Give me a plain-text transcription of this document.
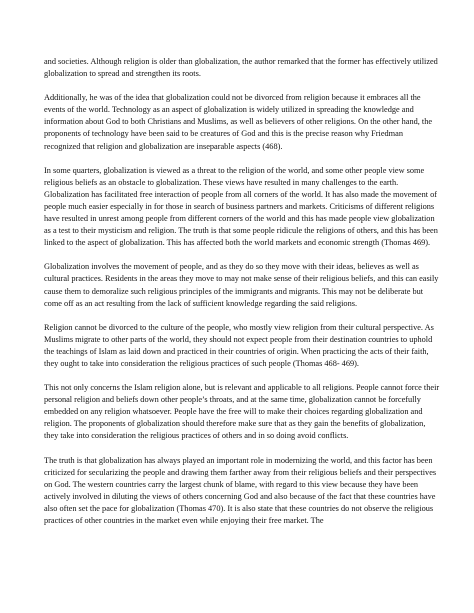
and societies. Although religion is older than globalization, the author remarked that the former has effectively utilized globalization to spread and strengthen its roots.

Additionally, he was of the idea that globalization could not be divorced from religion because it embraces all the events of the world. Technology as an aspect of globalization is widely utilized in spreading the knowledge and information about God to both Christians and Muslims, as well as believers of other religions. On the other hand, the proponents of technology have been said to be creatures of God and this is the precise reason why Friedman recognized that religion and globalization are inseparable aspects (468).

In some quarters, globalization is viewed as a threat to the religion of the world, and some other people view some religious beliefs as an obstacle to globalization. These views have resulted in many challenges to the earth. Globalization has facilitated free interaction of people from all corners of the world. It has also made the movement of people much easier especially in for those in search of business partners and markets. Criticisms of different religions have resulted in unrest among people from different corners of the world and this has made people view globalization as a test to their mysticism and religion. The truth is that some people ridicule the religions of others, and this has been linked to the aspect of globalization. This has affected both the world markets and economic strength (Thomas 469).

Globalization involves the movement of people, and as they do so they move with their ideas, believes as well as cultural practices. Residents in the areas they move to may not make sense of their religious beliefs, and this can easily cause them to demoralize such religious principles of the immigrants and migrants. This may not be deliberate but come off as an act resulting from the lack of sufficient knowledge regarding the said religions.

Religion cannot be divorced to the culture of the people, who mostly view religion from their cultural perspective. As Muslims migrate to other parts of the world, they should not expect people from their destination countries to uphold the teachings of Islam as laid down and practiced in their countries of origin. When practicing the acts of their faith, they ought to take into consideration the religious practices of such people (Thomas 468- 469).

This not only concerns the Islam religion alone, but is relevant and applicable to all religions. People cannot force their personal religion and beliefs down other people’s throats, and at the same time, globalization cannot be forcefully embedded on any religion whatsoever. People have the free will to make their choices regarding globalization and religion. The proponents of globalization should therefore make sure that as they gain the benefits of globalization, they take into consideration the religious practices of others and in so doing avoid conflicts.

The truth is that globalization has always played an important role in modernizing the world, and this factor has been criticized for secularizing the people and drawing them farther away from their religious beliefs and their perspectives on God. The western countries carry the largest chunk of blame, with regard to this view because they have been actively involved in diluting the views of others concerning God and also because of the fact that these countries have also often set the pace for globalization (Thomas 470). It is also state that these countries do not observe the religious practices of other countries in the market even while enjoying their free market. The
